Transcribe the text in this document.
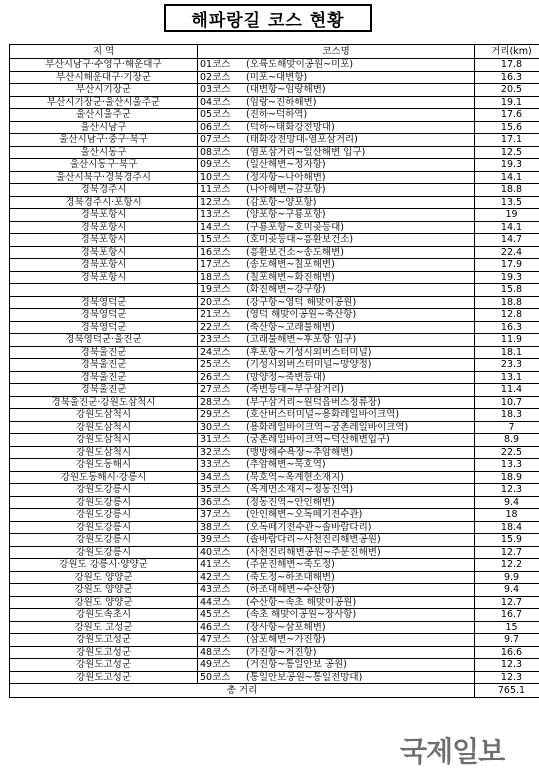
해파랑길 코스 현황
지 역	코스명	거리(km)
부산시남구·수영구·해운대구	01코스 (오륙도해맞이공원~미포)	17.8
부산시해운대구·기장군	02코스 (미포~대변항)	16.3
부산시기장군	03코스 (대변항~임랑해변)	20.5
부산시기장군·울산시울주군	04코스 (임랑~진하해변)	19.1
울산시울주군	05코스 (진하~덕하역)	17.6
울산시남구	06코스 (덕하~태화강전망대)	15.6
울산시남구·중구·북구	07코스 (태화강전망대-염포삼거리)	17.1
울산시동구	08코스 (염포삼거리~일산해변 입구)	12.5
울산시동구·북구	09코스 (일산해변~정자항)	19.3
울산시북구·경북경주시	10코스 (정자항~나아해변)	14.1
경북경주시	11코스 (나아해변~감포항)	18.8
경북경주시·포항시	12코스 (감포항~양포항)	13.5
경북포항시	13코스 (양포항~구룡포항)	19
경북포항시	14코스 (구룡포항~호미곶등대)	14.1
경북포항시	15코스 (호미곶등대~흥환보건소)	14.7
경북포항시	16코스 (흥환보건소~송도해변)	22.4
경북포항시	17코스 (송도해변~칠포해변)	17.9
경북포항시	18코스 (칠포해변~화진해변)	19.3
	19코스 (화진해변~강구항)	15.8
경북영덕군	20코스 (강구항~영덕 해맞이공원)	18.8
경북영덕군	21코스 (영덕 해맞이공원~축산항)	12.8
경북영덕군	22코스 (축산항~고래불해변)	16.3
경북영덕군·울진군	23코스 (고래불해변~후포항 입구)	11.9
경북울진군	24코스 (후포항~기성시외버스터미널)	18.1
경북울진군	25코스 (기성시외버스터미널~망양정)	23.3
경북울진군	26코스 (망양정~죽변등대)	13.1
경북울진군	27코스 (죽변등대~부구삼거리)	11.4
경북울진군·강원도삼척시	28코스 (부구삼거리~원덕읍버스정류장)	10.7
강원도삼척시	29코스 (호산버스터미널~용화레일바이크역)	18.3
강원도삼척시	30코스 (용화레일바이크역~궁촌레일바이크역)	7
강원도삼척시	31코스 (궁촌레일바이크역~덕산해변입구)	8.9
강원도삼척시	32코스 (맹방해수욕장~추암해변)	22.5
강원도동해시	33코스 (추암해변~묵호역)	13.3
강원도동해시·강릉시	34코스 (묵호역~옥계현소재지)	18.9
강원도강릉시	35코스 (옥계면소재지~정동진역)	12.3
강원도강릉시	36코스 (정동진역~안인해변)	9.4
강원도강릉시	37코스 (안인해변~오독떼기전수관)	18
강원도강릉시	38코스 (오독떼기전수관~솔바람다리)	18.4
강원도강릉시	39코스 (솔바람다리~사천진리해변공원)	15.9
강원도강릉시	40코스 (사천진리해변공원~주문진해변)	12.7
강원도 강릉시·양양군	41코스 (주문진해변~죽도정)	12.2
강원도 양양군	42코스 (죽도정~하조대해변)	9.9
강원도 양양군	43코스 (하조대해변~수산항)	9.4
강원도 양양군	44코스 (수산항~속초 해맞이공원)	12.7
강원도속초시	45코스 (속초 해맞이공원~장사항)	16.7
강원도 고성군	46코스 (장사항~삼포해변)	15
강원도고성군	47코스 (삼포해변~가진항)	9.7
강원도고성군	48코스 (가진항~거진항)	16.6
강원도고성군	49코스 (거진항~통일안보 공원)	12.3
강원도고성군	50코스 (통일안보공원~통일전망대)	12.3
총 거리		765.1
국제일보
